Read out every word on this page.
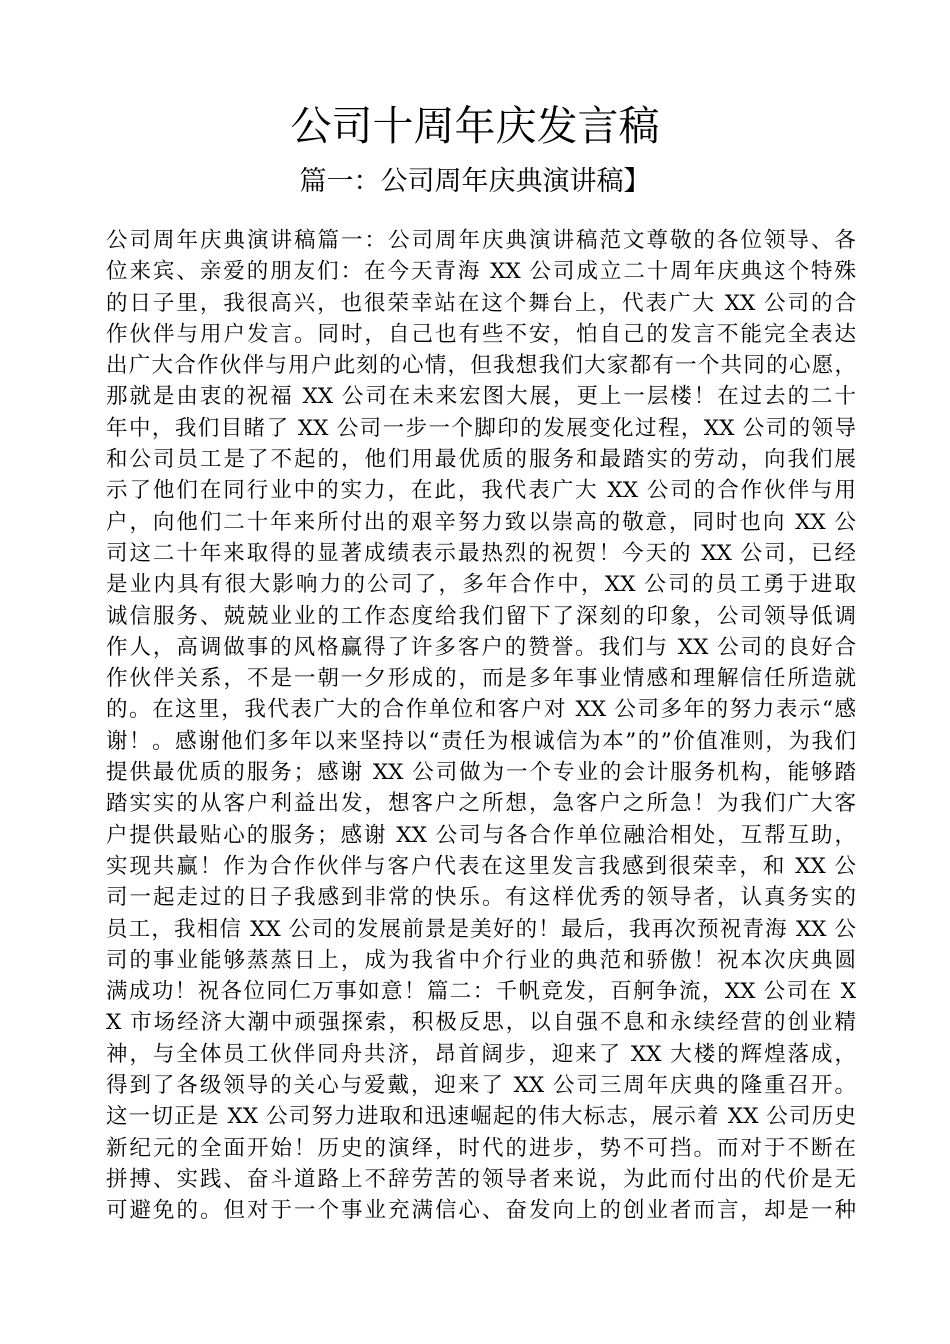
公司十周年庆发言稿
篇一：公司周年庆典演讲稿】
公司周年庆典演讲稿篇一：公司周年庆典演讲稿范文尊敬的各位领导、各
位来宾、亲爱的朋友们：在今天青海 XX 公司成立二十周年庆典这个特殊
的日子里，我很高兴，也很荣幸站在这个舞台上，代表广大 XX 公司的合
作伙伴与用户发言。同时，自己也有些不安，怕自己的发言不能完全表达
出广大合作伙伴与用户此刻的心情，但我想我们大家都有一个共同的心愿，
那就是由衷的祝福 XX 公司在未来宏图大展，更上一层楼！在过去的二十
年中，我们目睹了 XX 公司一步一个脚印的发展变化过程，XX 公司的领导
和公司员工是了不起的，他们用最优质的服务和最踏实的劳动，向我们展
示了他们在同行业中的实力，在此，我代表广大 XX 公司的合作伙伴与用
户，向他们二十年来所付出的艰辛努力致以崇高的敬意，同时也向 XX 公
司这二十年来取得的显著成绩表示最热烈的祝贺！今天的 XX 公司，已经
是业内具有很大影响力的公司了，多年合作中，XX 公司的员工勇于进取
诚信服务、兢兢业业的工作态度给我们留下了深刻的印象，公司领导低调
作人，高调做事的风格赢得了许多客户的赞誉。我们与 XX 公司的良好合
作伙伴关系，不是一朝一夕形成的，而是多年事业情感和理解信任所造就
的。在这里，我代表广大的合作单位和客户对 XX 公司多年的努力表示“感
谢！。感谢他们多年以来坚持以“责任为根诚信为本”的”价值准则，为我们
提供最优质的服务；感谢 XX 公司做为一个专业的会计服务机构，能够踏
踏实实的从客户利益出发，想客户之所想，急客户之所急！为我们广大客
户提供最贴心的服务；感谢 XX 公司与各合作单位融洽相处，互帮互助，
实现共赢！作为合作伙伴与客户代表在这里发言我感到很荣幸，和 XX 公
司一起走过的日子我感到非常的快乐。有这样优秀的领导者，认真务实的
员工，我相信 XX 公司的发展前景是美好的！最后，我再次预祝青海 XX 公
司的事业能够蒸蒸日上，成为我省中介行业的典范和骄傲！祝本次庆典圆
满成功！祝各位同仁万事如意！篇二：千帆竞发，百舸争流，XX 公司在 X
X 市场经济大潮中顽强探索，积极反思，以自强不息和永续经营的创业精
神，与全体员工伙伴同舟共济，昂首阔步，迎来了 XX 大楼的辉煌落成，
得到了各级领导的关心与爱戴，迎来了 XX 公司三周年庆典的隆重召开。
这一切正是 XX 公司努力进取和迅速崛起的伟大标志，展示着 XX 公司历史
新纪元的全面开始！历史的演绎，时代的进步，势不可挡。而对于不断在
拼搏、实践、奋斗道路上不辞劳苦的领导者来说，为此而付出的代价是无
可避免的。但对于一个事业充满信心、奋发向上的创业者而言，却是一种
